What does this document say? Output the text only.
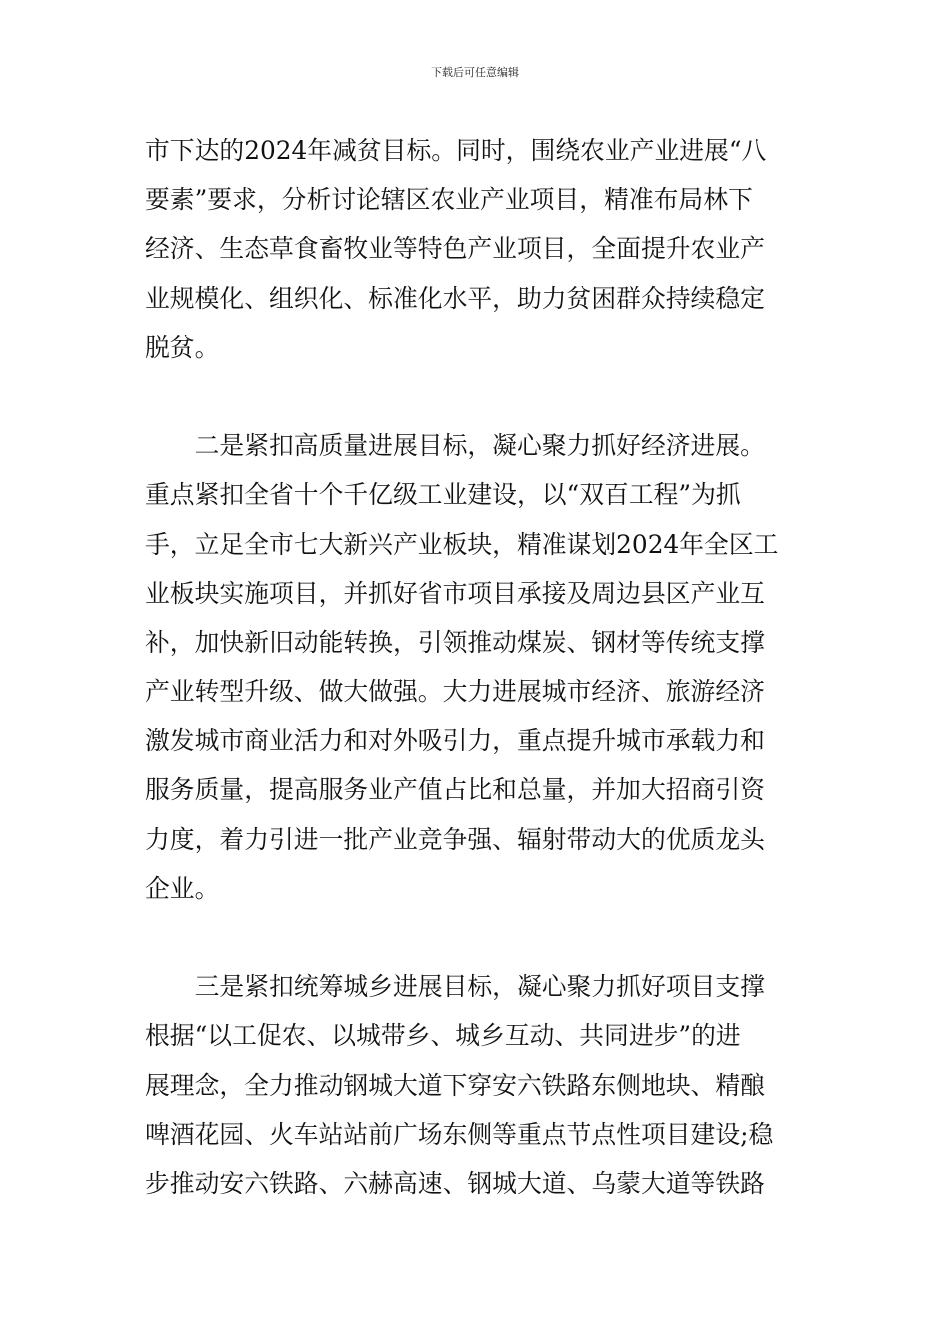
下载后可任意编辑
市下达的2024年减贫目标。同时，围绕农业产业进展“八
要素”要求，分析讨论辖区农业产业项目，精准布局林下
经济、生态草食畜牧业等特色产业项目，全面提升农业产
业规模化、组织化、标准化水平，助力贫困群众持续稳定
脱贫。
　　二是紧扣高质量进展目标，凝心聚力抓好经济进展。
重点紧扣全省十个千亿级工业建设，以“双百工程”为抓
手，立足全市七大新兴产业板块，精准谋划2024年全区工
业板块实施项目，并抓好省市项目承接及周边县区产业互
补，加快新旧动能转换，引领推动煤炭、钢材等传统支撑
产业转型升级、做大做强。大力进展城市经济、旅游经济
激发城市商业活力和对外吸引力，重点提升城市承载力和
服务质量，提高服务业产值占比和总量，并加大招商引资
力度，着力引进一批产业竞争强、辐射带动大的优质龙头
企业。
　　三是紧扣统筹城乡进展目标，凝心聚力抓好项目支撑
根据“以工促农、以城带乡、城乡互动、共同进步”的进
展理念，全力推动钢城大道下穿安六铁路东侧地块、精酿
啤酒花园、火车站站前广场东侧等重点节点性项目建设;稳
步推动安六铁路、六赫高速、钢城大道、乌蒙大道等铁路
